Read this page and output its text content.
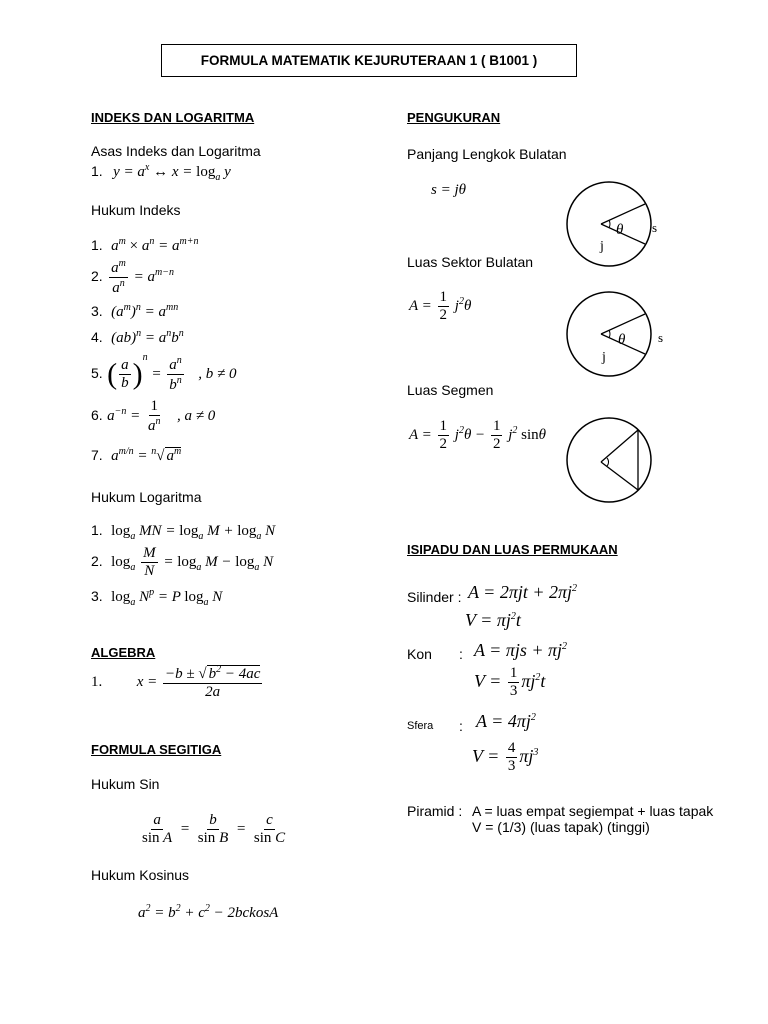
FORMULA MATEMATIK KEJURUTERAAN 1 ( B1001 )
INDEKS DAN LOGARITMA
Asas Indeks dan Logaritma
1. $y = a^x$ ↔ $x = \log_a y$
Hukum Indeks
1. $a^m \times a^n = a^{m+n}$
2. $\frac{a^m}{a^n} = a^{m-n}$
3. $(a^m)^n = a^{mn}$
4. $(ab)^n = a^nb^n$
5. ( $\frac{a}{b} )^n = \frac{a^n}{b^n}$ , b ≠ 0
6. $a^{-n} = \frac{1}{a^n}$ , a ≠ 0
7. $a^{m/n} = ^n√$ $a^m$
Hukum Logaritma
1. $\log_a$ MN = $\log_a M + \log_a N$
2. $\log_a \frac{M}{N} = \log_a M - \log_a N$
3. $\log_a N^p = P$ $\log_a N$
ALGEBRA
1. $x = \frac{-b \pm √ b^2 - 4ac}{2a}$
FORMULA SEGITIGA
Hukum Sin
$\frac{a}{\text{sin A}} = \frac{b}{\text{sin B}} = \frac{c}{\text{sin C}}$
Hukum Kosinus
$a^2 = b^2 + c^2$ − 2bckosA
PENGUKURAN
Panjang Lengkok Bulatan
s = jθ
θ
j
s
Luas Sektor Bulatan
$A = \frac{1}{2} j^2\theta$
θ
j
s
Luas Segmen
$A = \frac{1}{2} j^2\theta - \frac{1}{2} j^2$ sinθ
ISIPADU DAN LUAS PERMUKAAN
Silinder : $A = 2\pi jt + 2\pi j^2$
$V = \pi j^2t$
Kon : $A = \pi js + \pi j^2$
$V = \frac{1}{3} \pi j^2t$
Sfera : $A = 4\pi j^2$
$V = \frac{4}{3} \pi j^3$
Piramid : A = luas empat segiempat + luas tapak
V = (1/3) (luas tapak) (tinggi)
